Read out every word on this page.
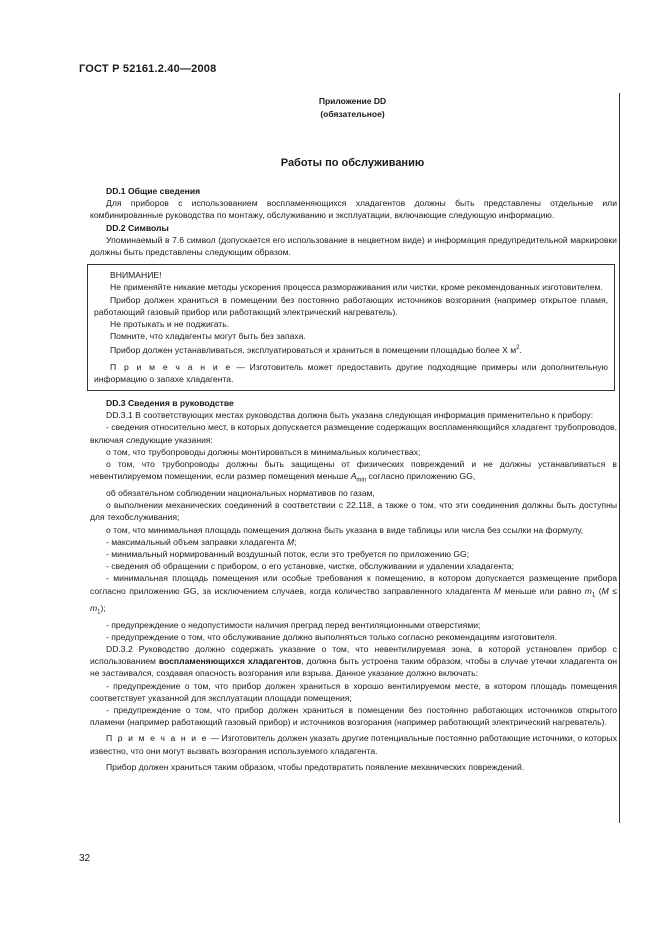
ГОСТ Р 52161.2.40—2008
Приложение DD
(обязательное)
Работы по обслуживанию

DD.1 Общие сведения

Для приборов с использованием воспламеняющихся хладагентов должны быть представлены отдельные или комбинированные руководства по монтажу, обслуживанию и эксплуатации, включающие следующую информацию.

DD.2 Символы

Упоминаемый в 7.6 символ (допускается его использование в нецветном виде) и информация предупредительной маркировки должны быть представлены следующим образом.

ВНИМАНИЕ!

Не применяйте никакие методы ускорения процесса размораживания или чистки, кроме рекомендованных изготовителем.

Прибор должен храниться в помещении без постоянно работающих источников возгорания (например открытое пламя, работающий газовый прибор или работающий электрический нагреватель).

Не протыкать и не поджигать.

Помните, что хладагенты могут быть без запаха.

Прибор должен устанавливаться, эксплуатироваться и храниться в помещении площадью более X $м^2$.

П р и м е ч а н и е — Изготовитель может предоставить другие подходящие примеры или дополнительную информацию о запахе хладагента.

DD.3 Сведения в руководстве

DD.3.1 В соответствующих местах руководства должна быть указана следующая информация применительно к прибору:

- сведения относительно мест, в которых допускается размещение содержащих воспламеняющийся хладагент трубопроводов, включая следующие указания:

о том, что трубопроводы должны монтироваться в минимальных количествах;

о том, что трубопроводы должны быть защищены от физических повреждений и не должны устанавливаться в невентилируемом помещении, если размер помещения меньше $A_{min}$ согласно приложению GG,

об обязательном соблюдении национальных нормативов по газам,

о выполнении механических соединений в соответствии с 22.118, а также о том, что эти соединения должны быть доступны для техобслуживания;

о том, что минимальная площадь помещения должна быть указана в виде таблицы или числа без ссылки на формулу,

- максимальный объем заправки хладагента M;

- минимальный нормированный воздушный поток, если это требуется по приложению GG;

- сведения об обращении с прибором, о его установке, чистке, обслуживании и удалении хладагента;

- минимальная площадь помещения или особые требования к помещению, в котором допускается размещение прибора согласно приложению GG, за исключением случаев, когда количество заправленного хладагента M меньше или равно $m_1$ $(M \le m_1)$;

- предупреждение о недопустимости наличия преград перед вентиляционными отверстиями;

- предупреждение о том, что обслуживание должно выполняться только согласно рекомендациям изготовителя.

DD.3.2 Руководство должно содержать указание о том, что невентилируемая зона, в которой установлен прибор с использованием воспламеняющихся хладагентов, должна быть устроена таким образом, чтобы в случае утечки хладагента он не застаивался, создавая опасность возгорания или взрыва. Данное указание должно включать:

- предупреждение о том, что прибор должен храниться в хорошо вентилируемом месте, в котором площадь помещения соответствует указанной для эксплуатации площади помещения;

- предупреждение о том, что прибор должен храниться в помещении без постоянно работающих источников открытого пламени (например работающий газовый прибор) и источников возгорания (например работающий электрический нагреватель).

П р и м е ч а н и е — Изготовитель должен указать другие потенциальные постоянно работающие источники, о которых известно, что они могут вызвать возгорания используемого хладагента.

Прибор должен храниться таким образом, чтобы предотвратить появление механических повреждений.

32
